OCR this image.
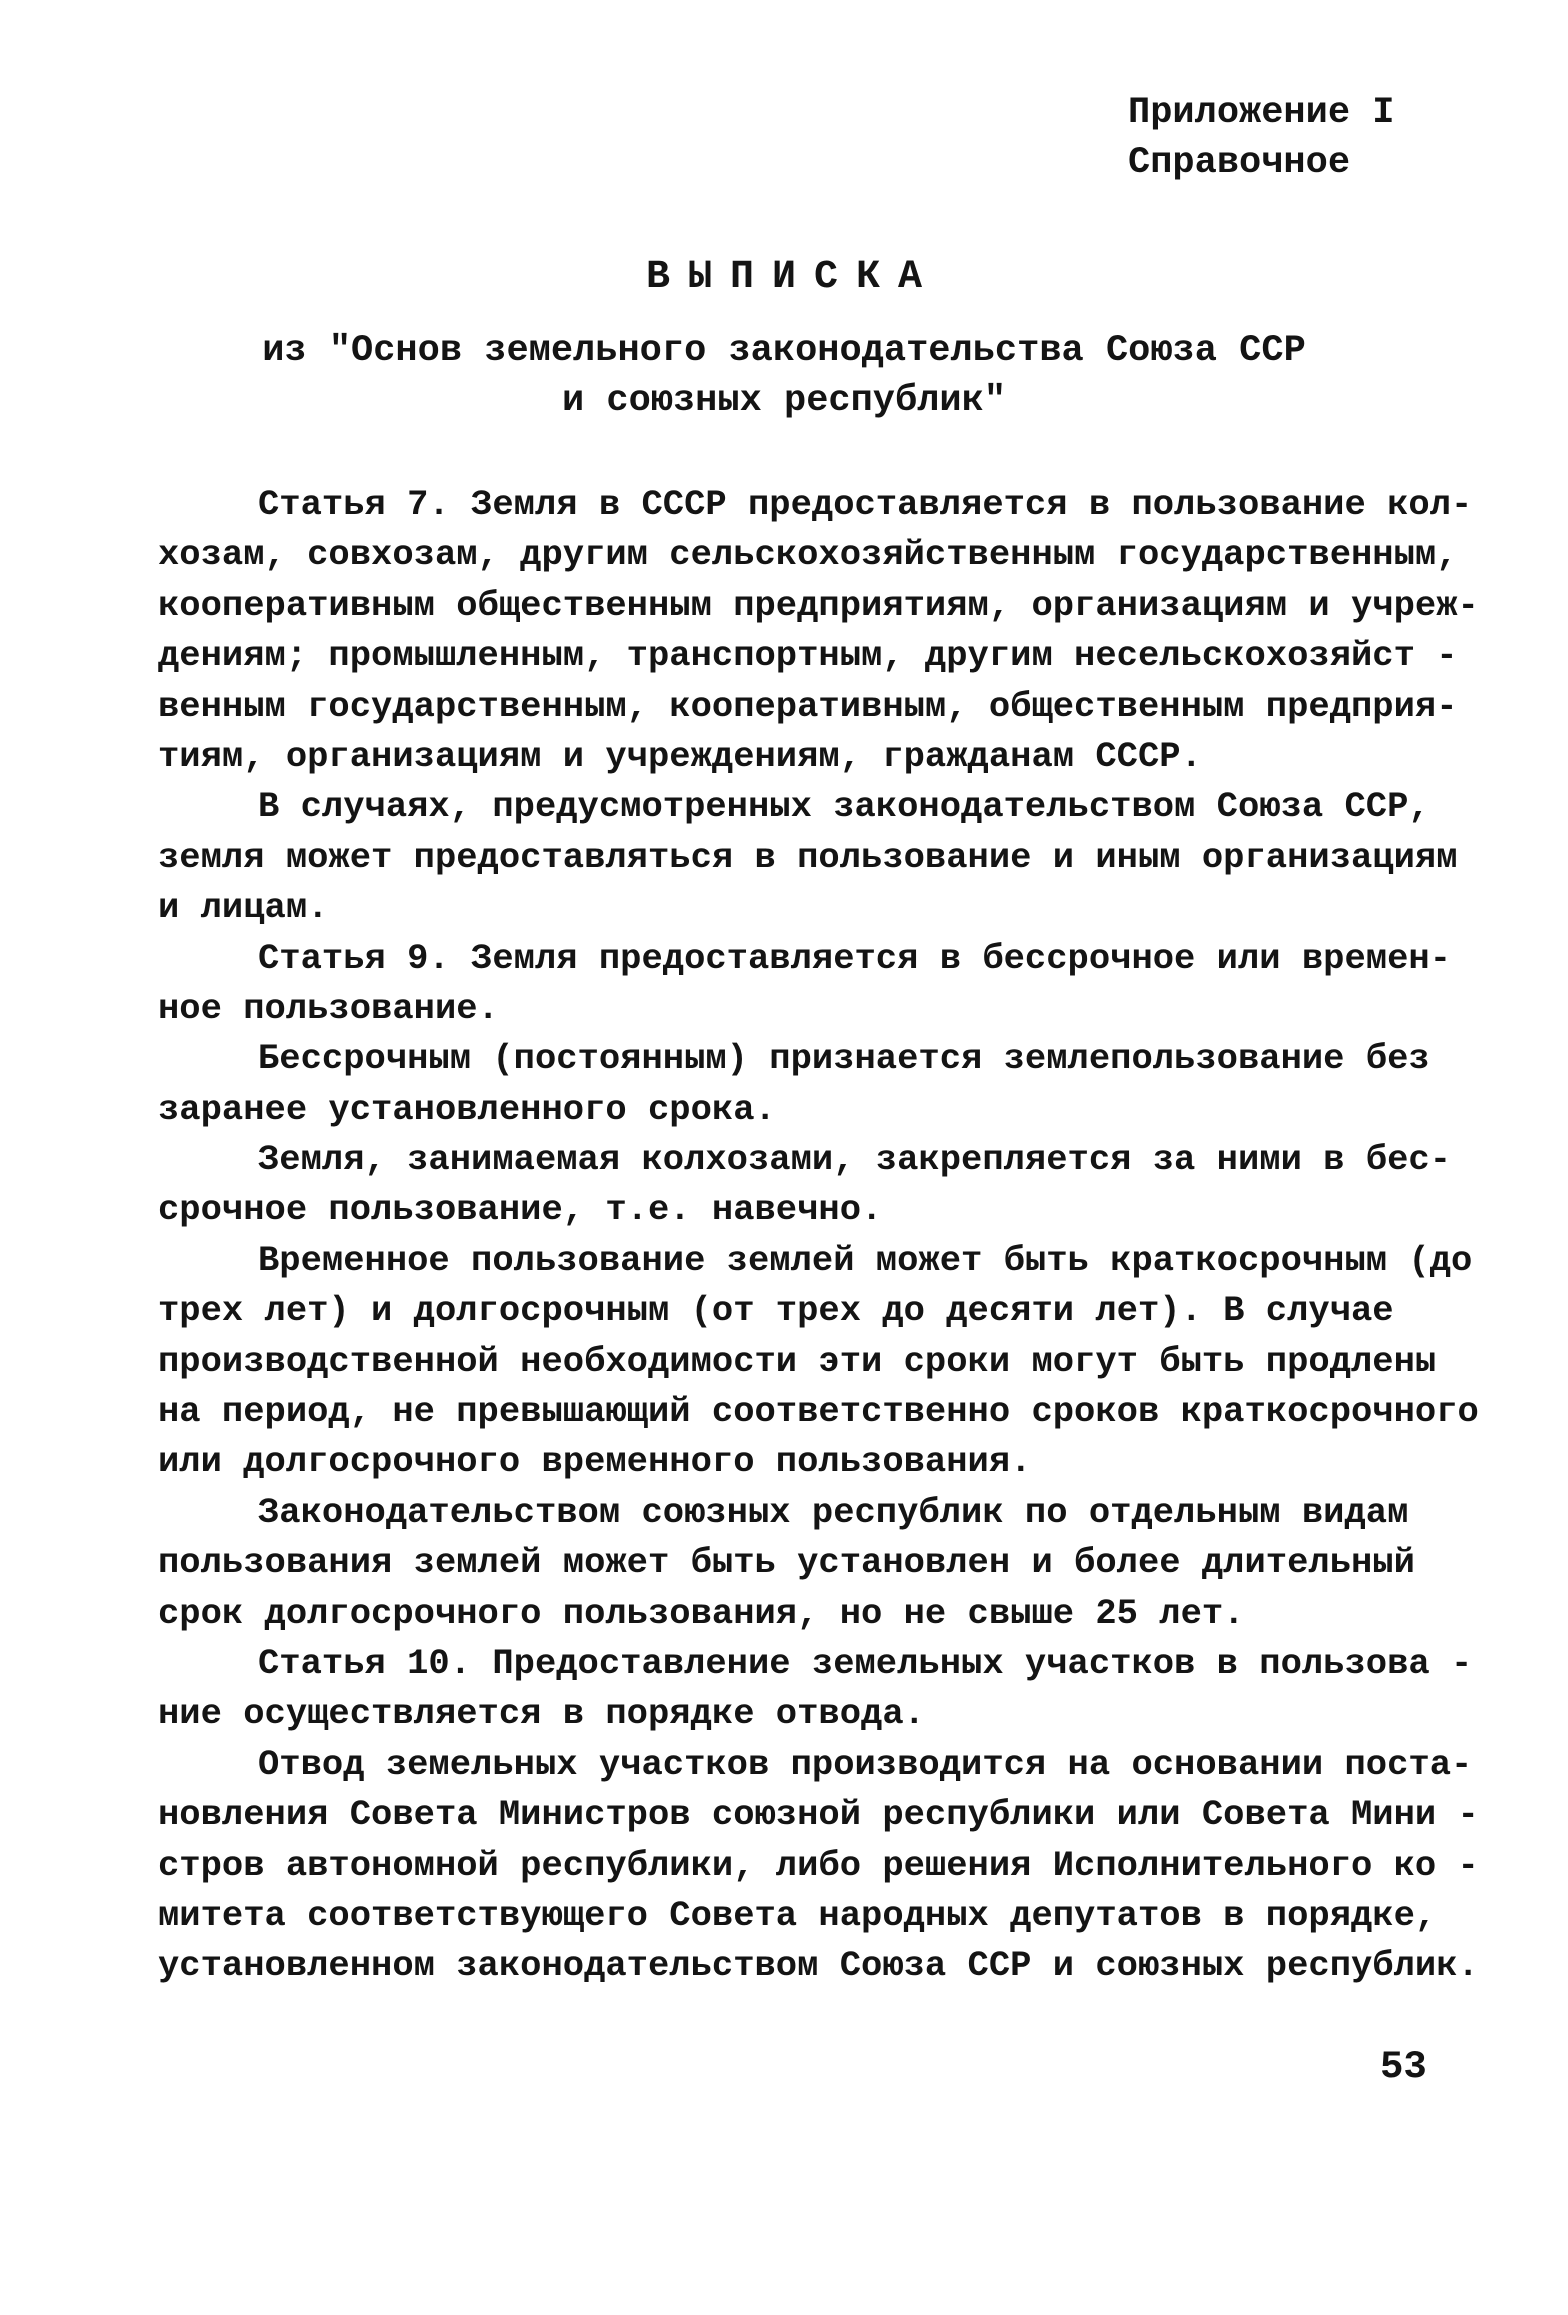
Приложение I
Справочное
ВЫПИСКА
из "Основ земельного законодательства Союза ССР
и союзных республик"
Статья 7. Земля в СССР предоставляется в пользование кол-
хозам, совхозам, другим сельскохозяйственным государственным,
кооперативным общественным предприятиям, организациям и учреж-
дениям; промышленным, транспортным, другим несельскохозяйст -
венным государственным, кооперативным, общественным предприя-
тиям, организациям и учреждениям, гражданам СССР.
В случаях, предусмотренных законодательством Союза ССР,
земля может предоставляться в пользование и иным организациям
и лицам.
Статья 9. Земля предоставляется в бессрочное или времен-
ное пользование.
Бессрочным (постоянным) признается землепользование без
заранее установленного срока.
Земля, занимаемая колхозами, закрепляется за ними в бес-
срочное пользование, т.е. навечно.
Временное пользование землей может быть краткосрочным (до
трех лет) и долгосрочным (от трех до десяти лет). В случае
производственной необходимости эти сроки могут быть продлены
на период, не превышающий соответственно сроков краткосрочного
или долгосрочного временного пользования.
Законодательством союзных республик по отдельным видам
пользования землей может быть установлен и более длительный
срок долгосрочного пользования, но не свыше 25 лет.
Статья 10. Предоставление земельных участков в пользова -
ние осуществляется в порядке отвода.
Отвод земельных участков производится на основании поста-
новления Совета Министров союзной республики или Совета Мини -
стров автономной республики, либо решения Исполнительного ко -
митета соответствующего Совета народных депутатов в порядке,
установленном законодательством Союза ССР и союзных республик.
53
